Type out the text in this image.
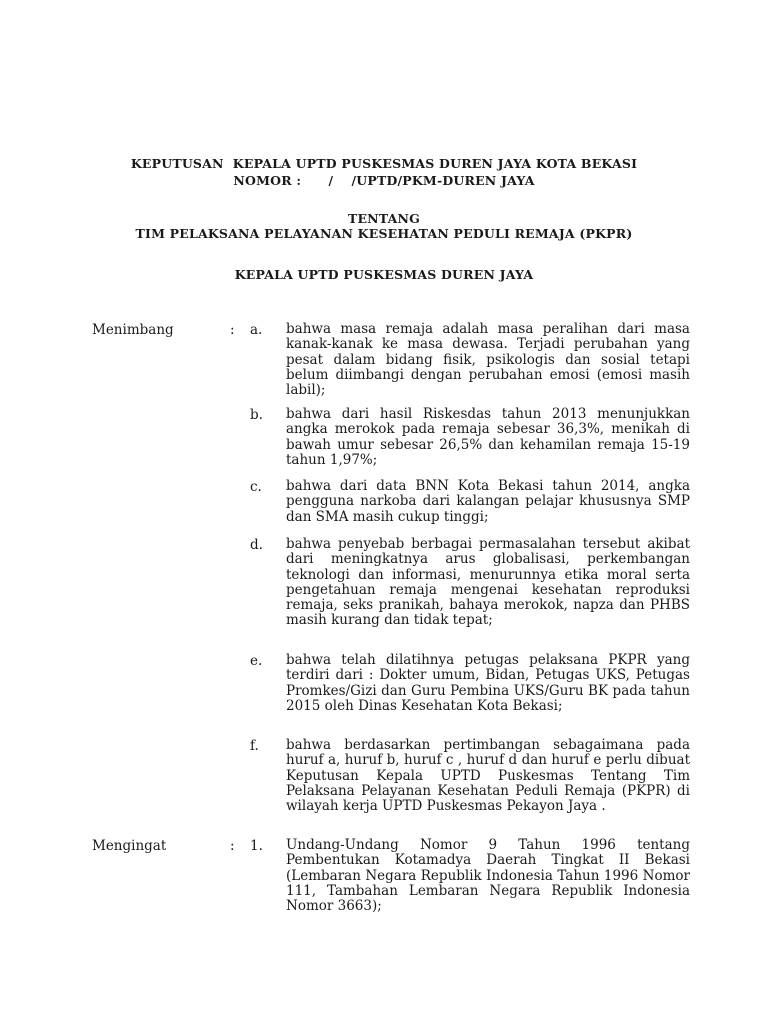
KEPUTUSAN  KEPALA UPTD PUSKESMAS DUREN JAYA KOTA BEKASI
NOMOR :      /    /UPTD/PKM-DUREN JAYA
TENTANG
TIM PELAKSANA PELAYANAN KESEHATAN PEDULI REMAJA (PKPR)
KEPALA UPTD PUSKESMAS DUREN JAYA
Menimbang	: a. bahwa masa remaja adalah masa peralihan dari masa kanak-kanak ke masa dewasa. Terjadi perubahan yang pesat dalam bidang fisik, psikologis dan sosial tetapi belum diimbangi dengan perubahan emosi (emosi masih labil);
b. bahwa dari hasil Riskesdas tahun 2013 menunjukkan angka merokok pada remaja sebesar 36,3%, menikah di bawah umur sebesar 26,5% dan kehamilan remaja 15-19 tahun 1,97%;
c. bahwa dari data BNN Kota Bekasi tahun 2014, angka pengguna narkoba dari kalangan pelajar khususnya SMP dan SMA masih cukup tinggi;
d. bahwa penyebab berbagai permasalahan tersebut akibat dari meningkatnya arus globalisasi, perkembangan teknologi dan informasi, menurunnya etika moral serta pengetahuan remaja mengenai kesehatan reproduksi remaja, seks pranikah, bahaya merokok, napza dan PHBS masih kurang dan tidak tepat;
e. bahwa telah dilatihnya petugas pelaksana PKPR yang terdiri dari : Dokter umum, Bidan, Petugas UKS, Petugas Promkes/Gizi dan Guru Pembina UKS/Guru BK pada tahun 2015 oleh Dinas Kesehatan Kota Bekasi;
f. bahwa berdasarkan pertimbangan sebagaimana pada huruf a, huruf b, huruf c , huruf d dan huruf e perlu dibuat Keputusan Kepala UPTD Puskesmas Tentang Tim Pelaksana Pelayanan Kesehatan Peduli Remaja (PKPR) di wilayah kerja UPTD Puskesmas Pekayon Jaya .
Mengingat	: 1. Undang-Undang Nomor 9 Tahun 1996 tentang Pembentukan Kotamadya Daerah Tingkat II Bekasi (Lembaran Negara Republik Indonesia Tahun 1996 Nomor 111, Tambahan Lembaran Negara Republik Indonesia Nomor 3663);
